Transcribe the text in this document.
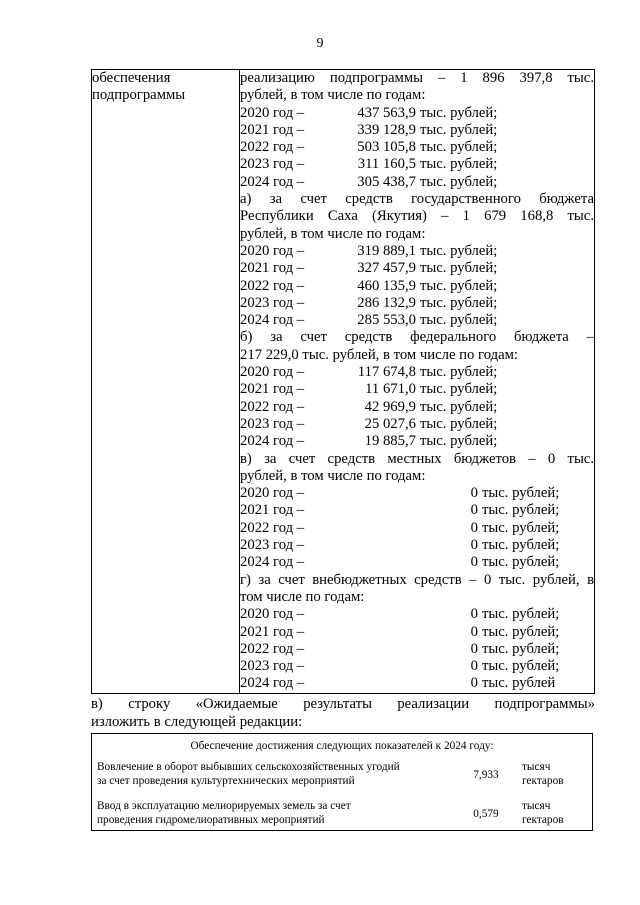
9
обеспечения подпрограммы	
реализацию подпрограммы – 1 896 397,8 тыс.
рублей, в том числе по годам:
2020 год –	437 563,9 тыс. рублей;
2021 год –	339 128,9 тыс. рублей;
2022 год –	503 105,8 тыс. рублей;
2023 год –	311 160,5 тыс. рублей;
2024 год –	305 438,7 тыс. рублей;
а) за счет средств государственного бюджета
Республики Саха (Якутия) – 1 679 168,8 тыс.
рублей, в том числе по годам:
2020 год –	319 889,1 тыс. рублей;
2021 год –	327 457,9 тыс. рублей;
2022 год –	460 135,9 тыс. рублей;
2023 год –	286 132,9 тыс. рублей;
2024 год –	285 553,0 тыс. рублей;
б) за счет средств федерального бюджета –
217 229,0 тыс. рублей, в том числе по годам:
2020 год –	117 674,8 тыс. рублей;
2021 год –	11 671,0 тыс. рублей;
2022 год –	42 969,9 тыс. рублей;
2023 год –	25 027,6 тыс. рублей;
2024 год –	19 885,7 тыс. рублей;
в) за счет средств местных бюджетов – 0 тыс.
рублей, в том числе по годам:
2020 год –	0 тыс. рублей;
2021 год –	0 тыс. рублей;
2022 год –	0 тыс. рублей;
2023 год –	0 тыс. рублей;
2024 год –	0 тыс. рублей;
г) за счет внебюджетных средств – 0 тыс. рублей, в
том числе по годам:
2020 год –	0 тыс. рублей;
2021 год –	0 тыс. рублей;
2022 год –	0 тыс. рублей;
2023 год –	0 тыс. рублей;
2024 год –	0 тыс. рублей
в) строку «Ожидаемые результаты реализации подпрограммы»
изложить в следующей редакции:
Обеспечение достижения следующих показателей к 2024 году:
Вовлечение в оборот выбывших сельскохозяйственных угодий
за счет проведения культуртехнических мероприятий	7,933
тысяч
гектаров
Ввод в эксплуатацию мелиорируемых земель за счет
проведения гидромелиоративных мероприятий	0,579
тысяч
гектаров
